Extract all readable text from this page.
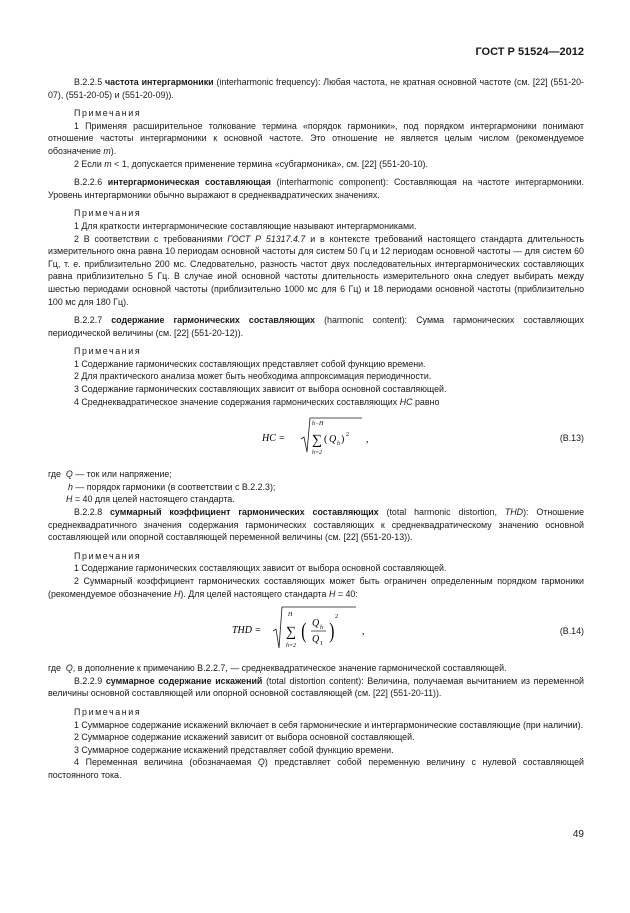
ГОСТ Р 51524—2012

В.2.2.5 частота интергармоники (interharmonic frequency): Любая частота, не кратная основной частоте (см. [22] (551-20-07), (551-20-05) и (551-20-09)).

Примечания

1 Применяя расширительное толкование термина «порядок гармоники», под порядком интергармоники понимают отношение частоты интергармоники к основной частоте. Это отношение не является целым числом (рекомендуемое обозначение m).

2 Если m < 1, допускается применение термина «субгармоника», см. [22] (551-20-10).

В.2.2.6 интергармоническая составляющая (interharmonic component): Составляющая на частоте интергармоники. Уровень интергармоники обычно выражают в среднеквадратических значениях.

Примечания

1 Для краткости интергармонические составляющие называют интергармониками.

2 В соответствии с требованиями ГОСТ Р 51317.4.7 и в контексте требований настоящего стандарта длительность измерительного окна равна 10 периодам основной частоты для систем 50 Гц и 12 периодам основной частоты — для систем 60 Гц, т. е. приблизительно 200 мс. Следовательно, разность частот двух последовательных интергармонических составляющих равна приблизительно 5 Гц. В случае иной основной частоты длительность измерительного окна следует выбирать между шестью периодами основной частоты (приблизительно 1000 мс для 6 Гц) и 18 периодами основной частоты (приблизительно 100 мс для 180 Гц).

В.2.2.7 содержание гармонических составляющих (harmonic content): Сумма гармонических составляющих периодической величины (см. [22] (551-20-12)).

Примечания

1 Содержание гармонических составляющих представляет собой функцию времени.

2 Для практического анализа может быть необходима аппроксимация периодичности.

3 Содержание гармонических составляющих зависит от выбора основной составляющей.

4 Среднеквадратическое значение содержания гармонических составляющих HC равно

HC =
h−H
∑
h=2
( Q h ) 2 ,	(В.13)

где Q — ток или напряжение;

h — порядок гармоники (в соответствии с В.2.2.3);

H = 40 для целей настоящего стандарта.

В.2.2.8 суммарный коэффициент гармонических составляющих (total harmonic distortion, THD): Отношение среднеквадратичного значения содержания гармонических составляющих к среднеквадратическому значению основной составляющей или опорной составляющей переменной величины (см. [22] (551-20-13)).

Примечания

1 Содержание гармонических составляющих зависит от выбора основной составляющей.

2 Суммарный коэффициент гармонических составляющих может быть ограничен определенным порядком гармоники (рекомендуемое обозначение H). Для целей настоящего стандарта H = 40:

THD =
H
∑
h=2
( Q h
Q 1
)
2
,	(В.14)

где Q, в дополнение к примечанию В.2.2.7, — среднеквадратическое значение гармонической составляющей.

В.2.2.9 суммарное содержание искажений (total distortion content): Величина, получаемая вычитанием из переменной величины основной составляющей или опорной основной составляющей (см. [22] (551-20-11)).

Примечания

1 Суммарное содержание искажений включает в себя гармонические и интергармонические составляющие (при наличии).

2 Суммарное содержание искажений зависит от выбора основной составляющей.

3 Суммарное содержание искажений представляет собой функцию времени.

4 Переменная величина (обозначаемая Q) представляет собой переменную величину с нулевой составляющей постоянного тока.

49
